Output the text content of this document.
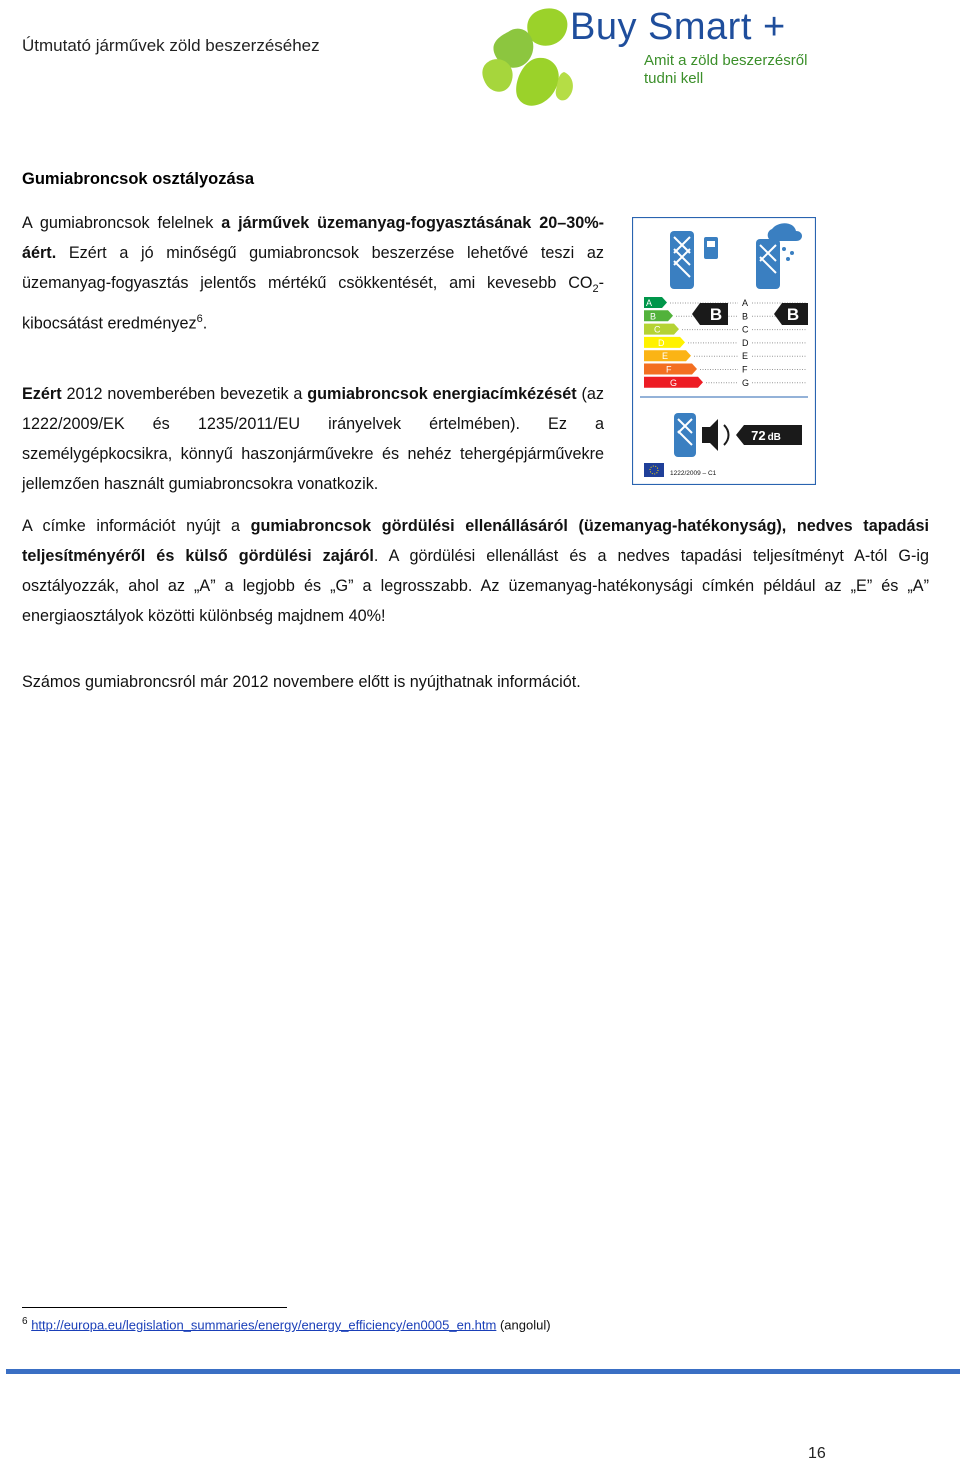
Útmutató járművek zöld beszerzéséhez	Buy Smart +
Amit a zöld beszerzésről
tudni kell
Gumiabroncsok osztályozása
A gumiabroncsok felelnek a járművek üzemanyag-fogyasztásának 20–30%-áért. Ezért a jó minőségű gumiabroncsok beszerzése lehetővé teszi az üzemanyag-fogyasztás jelentős mértékű csökkentését, ami kevesebb $CO_2$-kibocsátást eredményez$^6$.
Ezért 2012 novemberében bevezetik a gumiabroncsok energiacímkézését (az 1222/2009/EK és 1235/2011/EU irányelvek értelmében). Ez a személygépkocsikra, könnyű haszonjárművekre és nehéz tehergépjárművekre jellemzően használt gumiabroncsokra vonatkozik.
A
B
C
D
E
F
G
A
B
C
D
E
F
G
B	B
72 dB
1222/2009 – C1
A címke információt nyújt a gumiabroncsok gördülési ellenállásáról (üzemanyag-hatékonyság), nedves tapadási teljesítményéről és külső gördülési zajáról. A gördülési ellenállást és a nedves tapadási teljesítményt A-tól G-ig osztályozzák, ahol az „A” a legjobb és „G” a legrosszabb. Az üzemanyag-hatékonysági címkén például az „E” és „A” energiaosztályok közötti különbség majdnem 40%!
Számos gumiabroncsról már 2012 novembere előtt is nyújthatnak információt.
$^6$ http://europa.eu/legislation_summaries/energy/energy_efficiency/en0005_en.htm (angolul)
16
